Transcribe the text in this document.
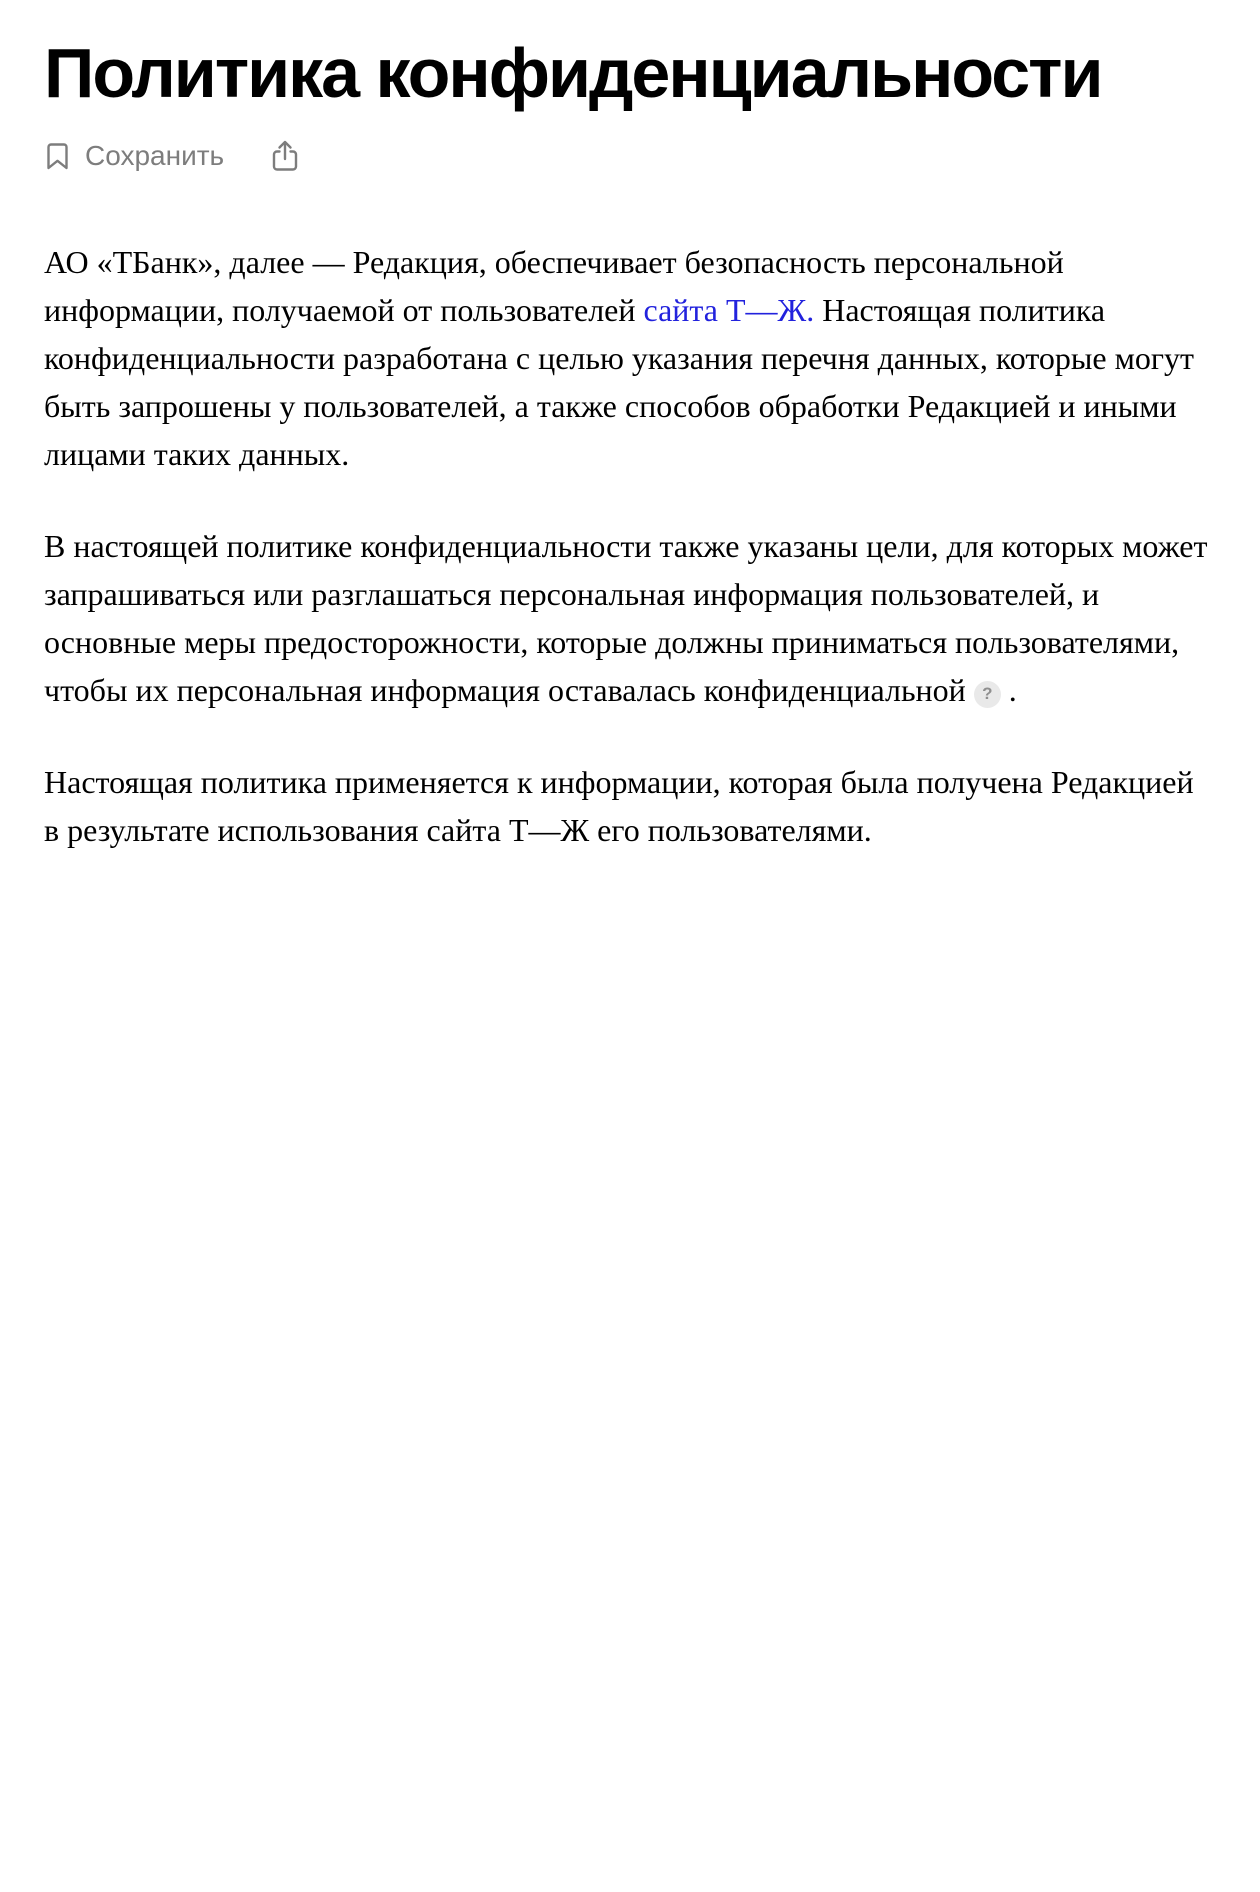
Политика конфиденциальности
Сохранить

АО «ТБанк», далее — Редакция, обеспечивает безопасность персональной информации, получаемой от пользователей сайта Т—Ж. Настоящая политика конфиденциальности разработана с целью указания перечня данных, которые могут быть запрошены у пользователей, а также способов обработки Редакцией и иными лицами таких данных.

В настоящей политике конфиденциальности также указаны цели, для которых может запрашиваться или разглашаться персональная информация пользователей, и основные меры предосторожности, которые должны приниматься пользователями, чтобы их персональная информация оставалась конфиденциальной ? .

Настоящая политика применяется к информации, которая была получена Редакцией в результате использования сайта Т—Ж его пользователями.
